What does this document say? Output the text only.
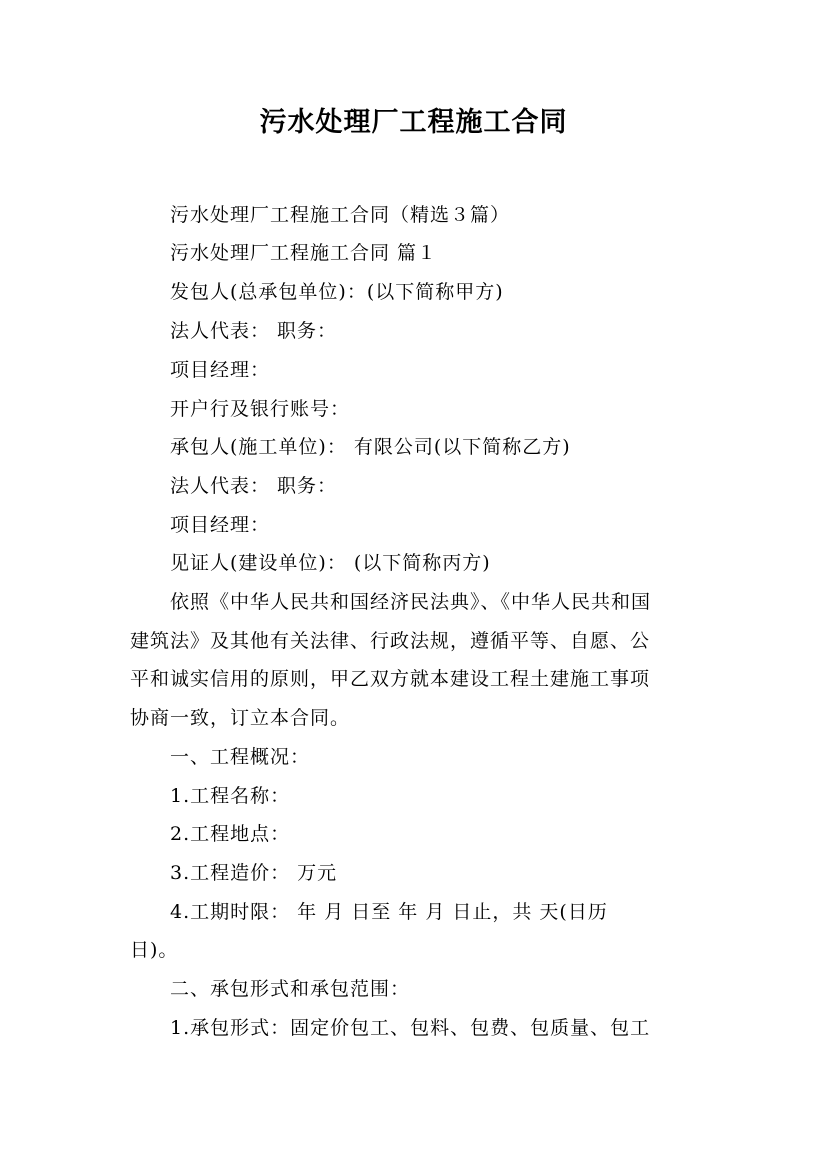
污水处理厂工程施工合同
污水处理厂工程施工合同（精选３篇）
污水处理厂工程施工合同 篇１
发包人(总承包单位)：(以下简称甲方)
法人代表： 职务：
项目经理：
开户行及银行账号：
承包人(施工单位)： 有限公司(以下简称乙方)
法人代表： 职务：
项目经理：
见证人(建设单位)： (以下简称丙方)
依照《中华人民共和国经济民法典》、《中华人民共和国
建筑法》及其他有关法律、行政法规，遵循平等、自愿、公
平和诚实信用的原则，甲乙双方就本建设工程土建施工事项
协商一致，订立本合同。
一、工程概况：
1.工程名称：
2.工程地点：
3.工程造价： 万元
4.工期时限： 年 月 日至 年 月 日止，共 天(日历
日)。
二、承包形式和承包范围：
1.承包形式：固定价包工、包料、包费、包质量、包工
